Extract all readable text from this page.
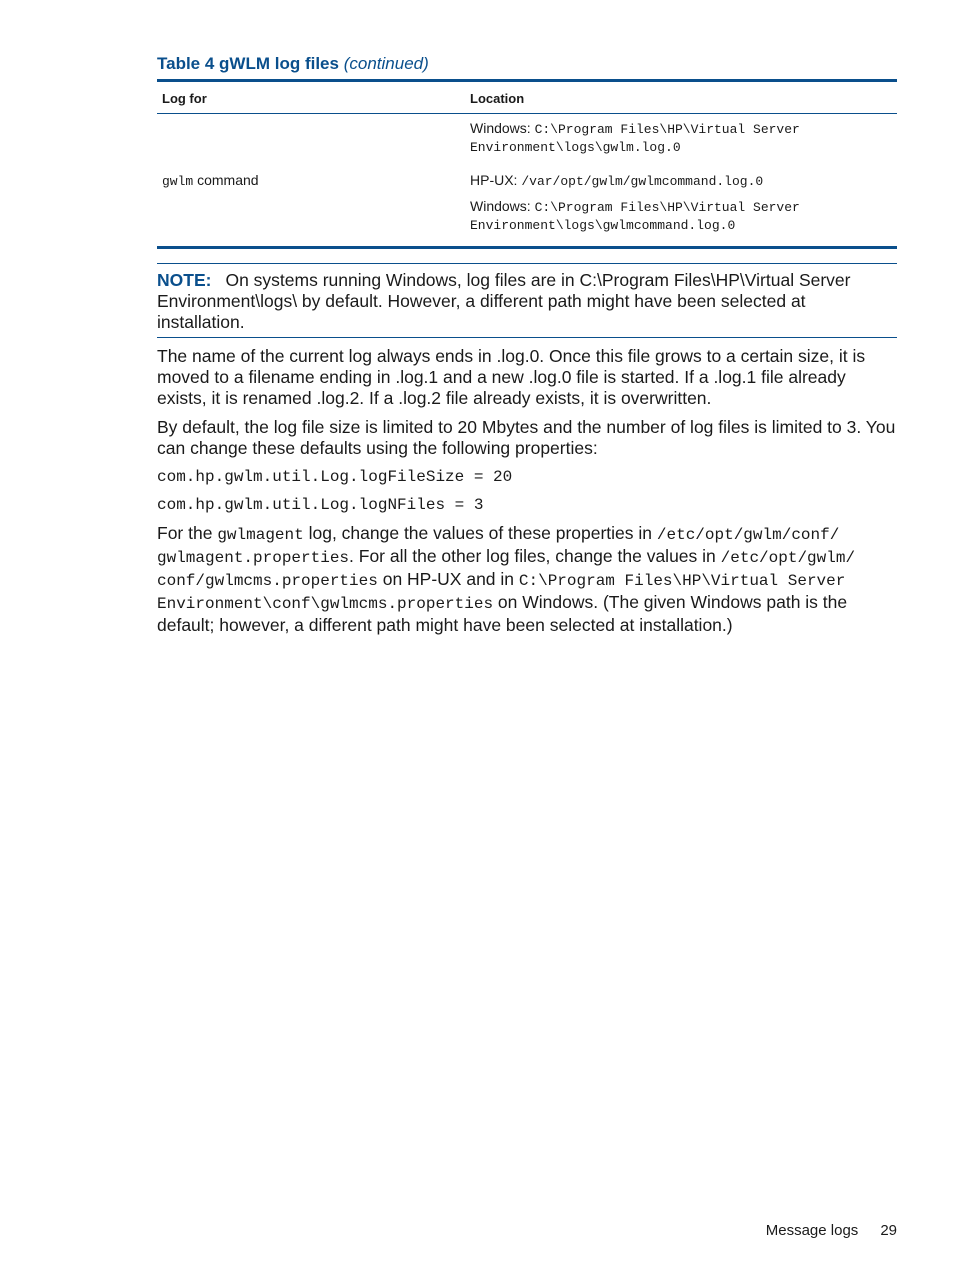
Table 4 gWLM log files (continued)
Log for	Location

	Windows: C:\Program Files\HP\Virtual Server Environment\logs\gwlm.log.0

gwlm command	HP-UX: /var/opt/gwlm/gwlmcommand.log.0
Windows: C:\Program Files\HP\Virtual Server Environment\logs\gwlmcommand.log.0
NOTE: On systems running Windows, log files are in C:\Program Files\HP\Virtual Server Environment\logs\ by default. However, a different path might have been selected at installation.

The name of the current log always ends in .log.0. Once this file grows to a certain size, it is moved to a filename ending in .log.1 and a new .log.0 file is started. If a .log.1 file already exists, it is renamed .log.2. If a .log.2 file already exists, it is overwritten.

By default, the log file size is limited to 20 Mbytes and the number of log files is limited to 3. You can change these defaults using the following properties:

com.hp.gwlm.util.Log.logFileSize = 20

com.hp.gwlm.util.Log.logNFiles = 3

For the gwlmagent log, change the values of these properties in /etc/opt/gwlm/conf/ gwlmagent.properties. For all the other log files, change the values in /etc/opt/gwlm/ conf/gwlmcms.properties on HP-UX and in C:\Program Files\HP\Virtual Server Environment\conf\gwlmcms.properties on Windows. (The given Windows path is the default; however, a different path might have been selected at installation.)

Message logs 29
